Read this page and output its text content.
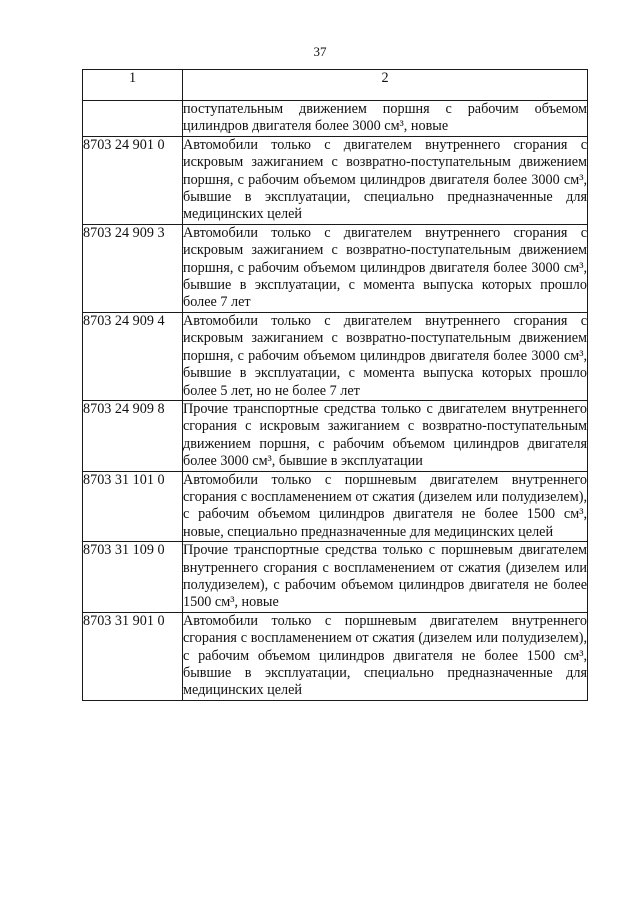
37
1	2
	поступательным движением поршня с рабочим объемом цилиндров двигателя более 3000 см³, новые
8703 24 901 0	Автомобили только с двигателем внутреннего сгорания с искровым зажиганием с возвратно-поступательным движением поршня, с рабочим объемом цилиндров двигателя более 3000 см³, бывшие в эксплуатации, специально предназначенные для медицинских целей
8703 24 909 3	Автомобили только с двигателем внутреннего сгорания с искровым зажиганием с возвратно-поступательным движением поршня, с рабочим объемом цилиндров двигателя более 3000 см³, бывшие в эксплуатации, с момента выпуска которых прошло более 7 лет
8703 24 909 4	Автомобили только с двигателем внутреннего сгорания с искровым зажиганием с возвратно-поступательным движением поршня, с рабочим объемом цилиндров двигателя более 3000 см³, бывшие в эксплуатации, с момента выпуска которых прошло более 5 лет, но не более 7 лет
8703 24 909 8	Прочие транспортные средства только с двигателем внутреннего сгорания с искровым зажиганием с возвратно-поступательным движением поршня, с рабочим объемом цилиндров двигателя более 3000 см³, бывшие в эксплуатации
8703 31 101 0	Автомобили только с поршневым двигателем внутреннего сгорания с воспламенением от сжатия (дизелем или полудизелем), с рабочим объемом цилиндров двигателя не более 1500 см³, новые, специально предназначенные для медицинских целей
8703 31 109 0	Прочие транспортные средства только с поршневым двигателем внутреннего сгорания с воспламенением от сжатия (дизелем или полудизелем), с рабочим объемом цилиндров двигателя не более 1500 см³, новые
8703 31 901 0	Автомобили только с поршневым двигателем внутреннего сгорания с воспламенением от сжатия (дизелем или полудизелем), с рабочим объемом цилиндров двигателя не более 1500 см³, бывшие в эксплуатации, специально предназначенные для медицинских целей
